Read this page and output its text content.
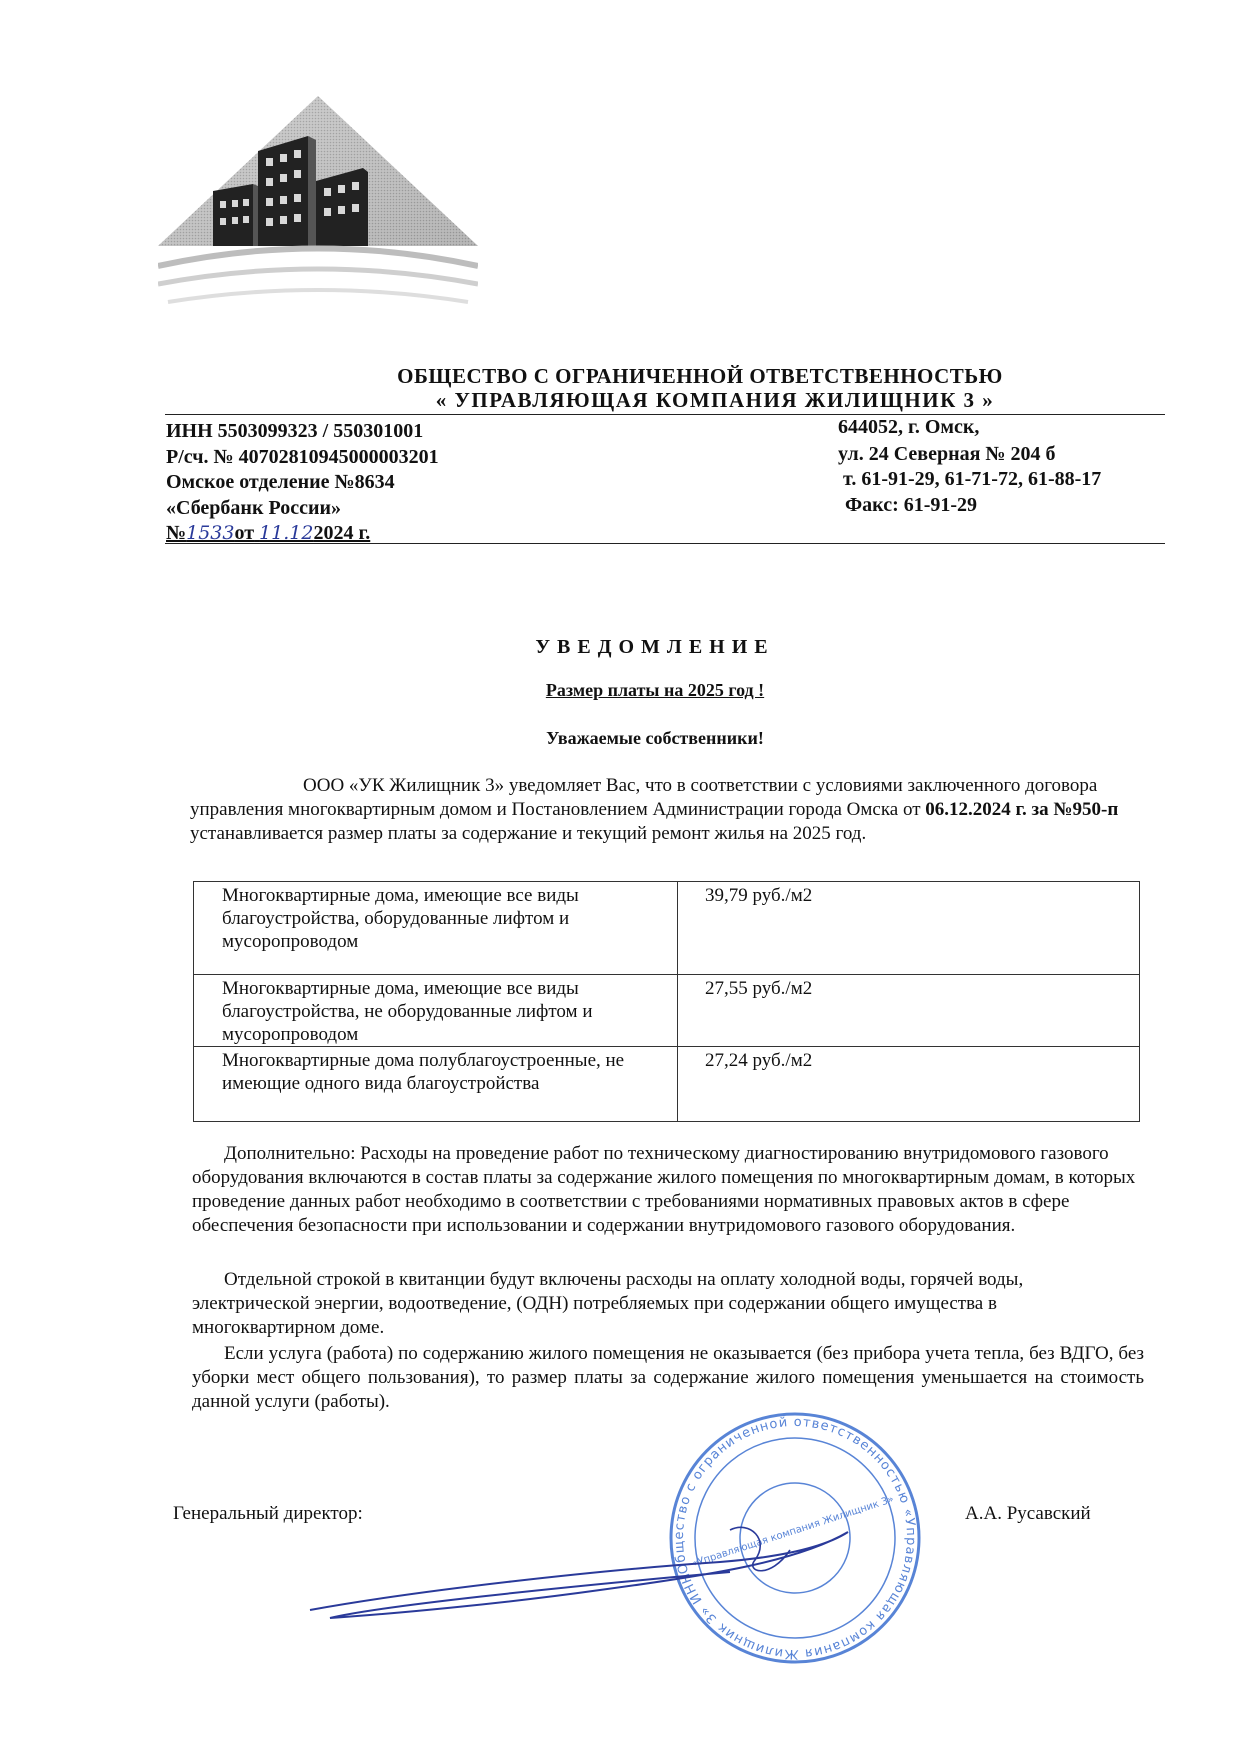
ОБЩЕСТВО С ОГРАНИЧЕННОЙ ОТВЕТСТВЕННОСТЬЮ
« УПРАВЛЯЮЩАЯ КОМПАНИЯ ЖИЛИЩНИК 3 »
ИНН 5503099323 / 550301001
Р/сч. № 40702810945000003201
Омское отделение №8634
«Сбербанк России»
№1533от 11.122024 г.
644052, г. Омск,
ул. 24 Северная № 204 б
т. 61-91-29, 61-71-72, 61-88-17
Факс: 61-91-29
УВЕДОМЛЕНИЕ
Размер платы на 2025 год !
Уважаемые собственники!
ООО «УК Жилищник 3» уведомляет Вас, что в соответствии с условиями заключенного договора управления многоквартирным домом и Постановлением Администрации города Омска от 06.12.2024 г. за №950-п устанавливается размер платы за содержание и текущий ремонт жилья на 2025 год.
Многоквартирные дома, имеющие все виды благоустройства, оборудованные лифтом и мусоропроводом	39,79 руб./м2
Многоквартирные дома, имеющие все виды благоустройства, не оборудованные лифтом и мусоропроводом	27,55 руб./м2
Многоквартирные дома полублагоустроенные, не имеющие одного вида благоустройства	27,24 руб./м2
Дополнительно: Расходы на проведение работ по техническому диагностированию внутридомового газового оборудования включаются в состав платы за содержание жилого помещения по многоквартирным домам, в которых проведение данных работ необходимо в соответствии с требованиями нормативных правовых актов в сфере обеспечения безопасности при использовании и содержании внутридомового газового оборудования.
Отдельной строкой в квитанции будут включены расходы на оплату холодной воды, горячей воды, электрической энергии, водоотведение, (ОДН) потребляемых при содержании общего имущества в многоквартирном доме.
Если услуга (работа) по содержанию жилого помещения не оказывается (без прибора учета тепла, без ВДГО, без уборки мест общего пользования), то размер платы за содержание жилого помещения уменьшается на стоимость данной услуги (работы).
Общество с ограниченной ответственностью «Управляющая компания Жилищник 3» ИНН
«Управляющая компания Жилищник 3»
Генеральный директор:	А.А. Русавский
